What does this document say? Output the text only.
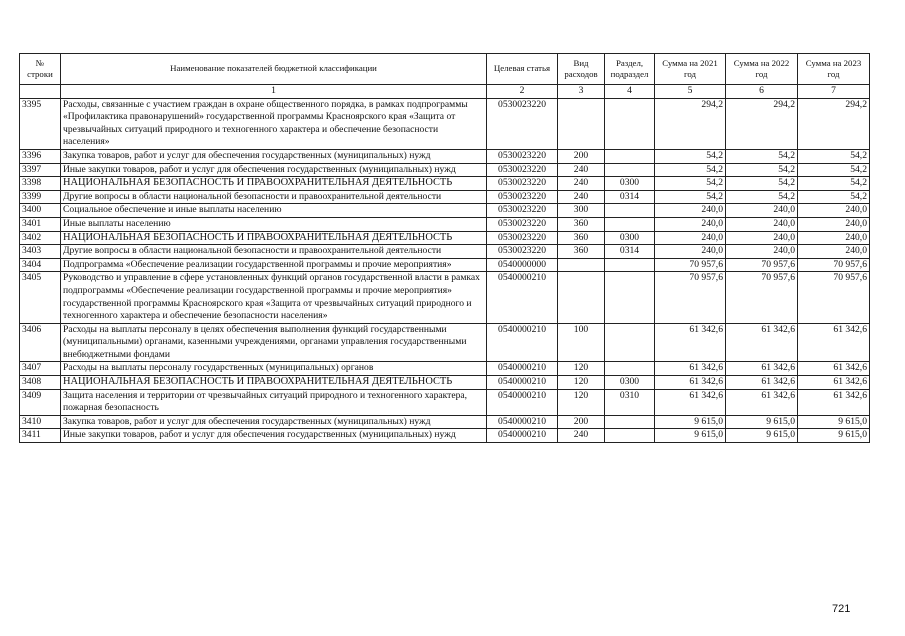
№ строки	Наименование показателей бюджетной классификации	Целевая статья	Вид расходов	Раздел, подраздел	Сумма на 2021 год	Сумма на 2022 год	Сумма на 2023 год
	1	2	3	4	5	6	7
3395	Расходы, связанные с участием граждан в охране общественного порядка, в рамках подпрограммы «Профилактика правонарушений» государственной программы Красноярского края «Защита от чрезвычайных ситуаций природного и техногенного характера и обеспечение безопасности населения»	0530023220			294,2	294,2	294,2
3396	Закупка товаров, работ и услуг для обеспечения государственных (муниципальных) нужд	0530023220	200		54,2	54,2	54,2
3397	Иные закупки товаров, работ и услуг для обеспечения государственных (муниципальных) нужд	0530023220	240		54,2	54,2	54,2
3398	НАЦИОНАЛЬНАЯ БЕЗОПАСНОСТЬ И ПРАВООХРАНИТЕЛЬНАЯ ДЕЯТЕЛЬНОСТЬ	0530023220	240	0300	54,2	54,2	54,2
3399	Другие вопросы в области национальной безопасности и правоохранительной деятельности	0530023220	240	0314	54,2	54,2	54,2
3400	Социальное обеспечение и иные выплаты населению	0530023220	300		240,0	240,0	240,0
3401	Иные выплаты населению	0530023220	360		240,0	240,0	240,0
3402	НАЦИОНАЛЬНАЯ БЕЗОПАСНОСТЬ И ПРАВООХРАНИТЕЛЬНАЯ ДЕЯТЕЛЬНОСТЬ	0530023220	360	0300	240,0	240,0	240,0
3403	Другие вопросы в области национальной безопасности и правоохранительной деятельности	0530023220	360	0314	240,0	240,0	240,0
3404	Подпрограмма «Обеспечение реализации государственной программы и прочие мероприятия»	0540000000			70 957,6	70 957,6	70 957,6
3405	Руководство и управление в сфере установленных функций органов государственной власти в рамках подпрограммы «Обеспечение реализации государственной программы и прочие мероприятия» государственной программы Красноярского края «Защита от чрезвычайных ситуаций природного и техногенного характера и обеспечение безопасности населения»	0540000210			70 957,6	70 957,6	70 957,6
3406	Расходы на выплаты персоналу в целях обеспечения выполнения функций государственными (муниципальными) органами, казенными учреждениями, органами управления государственными внебюджетными фондами	0540000210	100		61 342,6	61 342,6	61 342,6
3407	Расходы на выплаты персоналу государственных (муниципальных) органов	0540000210	120		61 342,6	61 342,6	61 342,6
3408	НАЦИОНАЛЬНАЯ БЕЗОПАСНОСТЬ И ПРАВООХРАНИТЕЛЬНАЯ ДЕЯТЕЛЬНОСТЬ	0540000210	120	0300	61 342,6	61 342,6	61 342,6
3409	Защита населения и территории от чрезвычайных ситуаций природного и техногенного характера, пожарная безопасность	0540000210	120	0310	61 342,6	61 342,6	61 342,6
3410	Закупка товаров, работ и услуг для обеспечения государственных (муниципальных) нужд	0540000210	200		9 615,0	9 615,0	9 615,0
3411	Иные закупки товаров, работ и услуг для обеспечения государственных (муниципальных) нужд	0540000210	240		9 615,0	9 615,0	9 615,0
721
